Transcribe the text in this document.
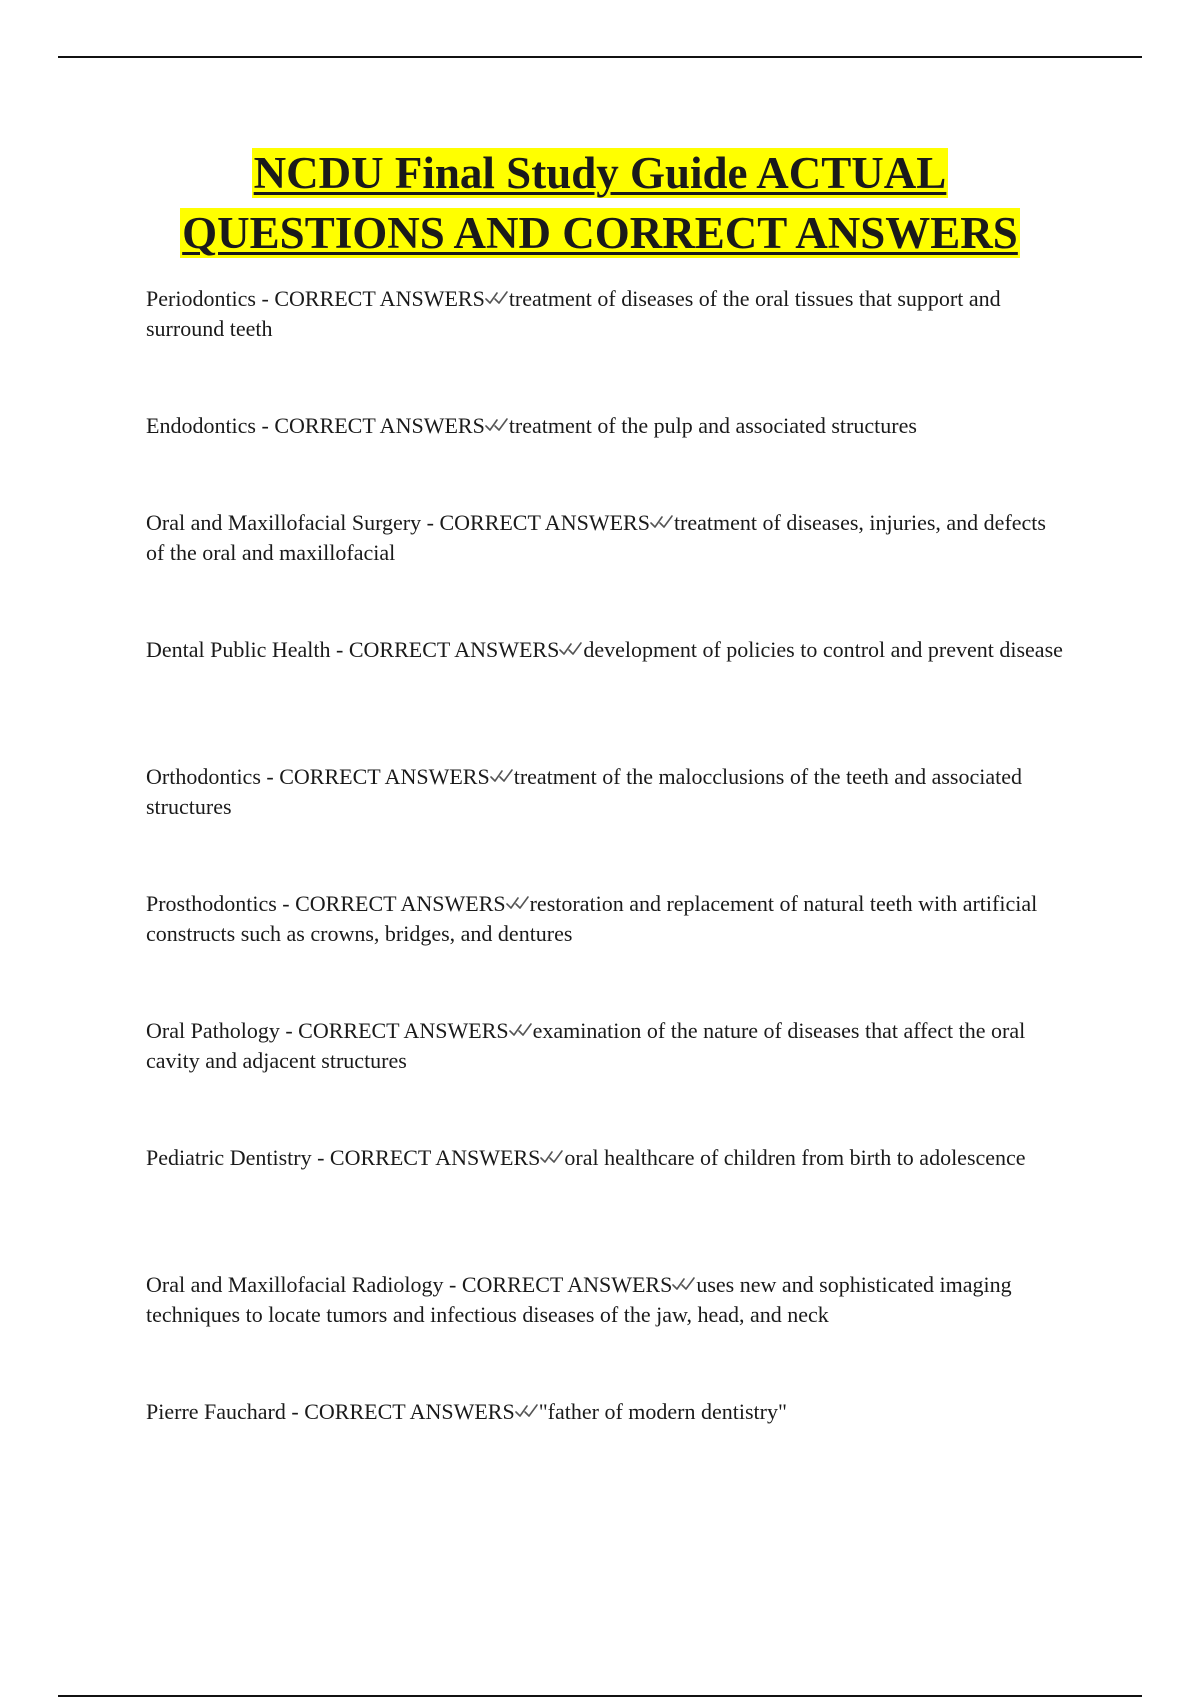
NCDU Final Study Guide ACTUAL
QUESTIONS AND CORRECT ANSWERS
Periodontics - CORRECT ANSWERS treatment of diseases of the oral tissues that support and surround teeth
Endodontics - CORRECT ANSWERS treatment of the pulp and associated structures
Oral and Maxillofacial Surgery - CORRECT ANSWERS treatment of diseases, injuries, and defects of the oral and maxillofacial
Dental Public Health - CORRECT ANSWERS development of policies to control and prevent disease
Orthodontics - CORRECT ANSWERS treatment of the malocclusions of the teeth and associated structures
Prosthodontics - CORRECT ANSWERS restoration and replacement of natural teeth with artificial constructs such as crowns, bridges, and dentures
Oral Pathology - CORRECT ANSWERS examination of the nature of diseases that affect the oral cavity and adjacent structures
Pediatric Dentistry - CORRECT ANSWERS oral healthcare of children from birth to adolescence
Oral and Maxillofacial Radiology - CORRECT ANSWERS uses new and sophisticated imaging techniques to locate tumors and infectious diseases of the jaw, head, and neck
Pierre Fauchard - CORRECT ANSWERS "father of modern dentistry"
